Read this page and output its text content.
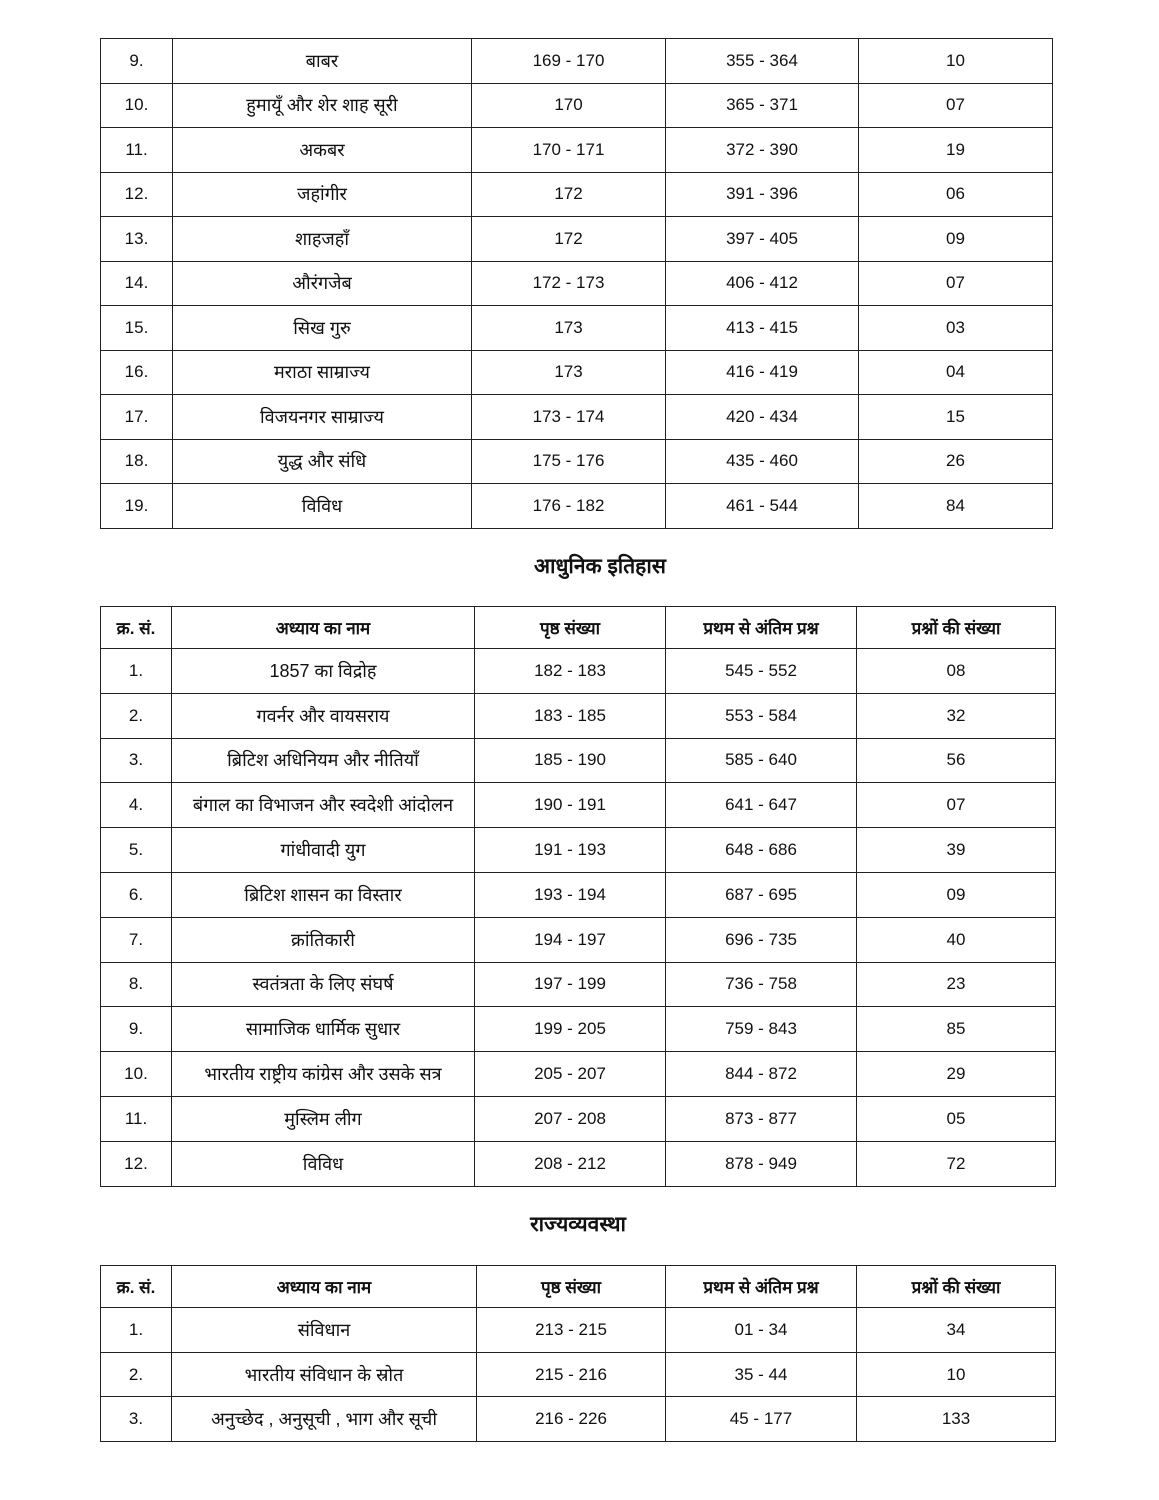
9.	बाबर	169 - 170	355 - 364	10
10.	हुमायूँ और शेर शाह सूरी	170	365 - 371	07
11.	अकबर	170 - 171	372 - 390	19
12.	जहांगीर	172	391 - 396	06
13.	शाहजहाँ	172	397 - 405	09
14.	औरंगजेब	172 - 173	406 - 412	07
15.	सिख गुरु	173	413 - 415	03
16.	मराठा साम्राज्य	173	416 - 419	04
17.	विजयनगर साम्राज्य	173 - 174	420 - 434	15
18.	युद्ध और संधि	175 - 176	435 - 460	26
19.	विविध	176 - 182	461 - 544	84
आधुनिक इतिहास
क्र. सं.	अध्याय का नाम	पृष्ठ संख्या	प्रथम से अंतिम प्रश्न	प्रश्नों की संख्या
1.	1857 का विद्रोह	182 - 183	545 - 552	08
2.	गवर्नर और वायसराय	183 - 185	553 - 584	32
3.	ब्रिटिश अधिनियम और नीतियाँ	185 - 190	585 - 640	56
4.	बंगाल का विभाजन और स्वदेशी आंदोलन	190 - 191	641 - 647	07
5.	गांधीवादी युग	191 - 193	648 - 686	39
6.	ब्रिटिश शासन का विस्तार	193 - 194	687 - 695	09
7.	क्रांतिकारी	194 - 197	696 - 735	40
8.	स्वतंत्रता के लिए संघर्ष	197 - 199	736 - 758	23
9.	सामाजिक धार्मिक सुधार	199 - 205	759 - 843	85
10.	भारतीय राष्ट्रीय कांग्रेस और उसके सत्र	205 - 207	844 - 872	29
11.	मुस्लिम लीग	207 - 208	873 - 877	05
12.	विविध	208 - 212	878 - 949	72
राज्यव्यवस्था
क्र. सं.	अध्याय का नाम	पृष्ठ संख्या	प्रथम से अंतिम प्रश्न	प्रश्नों की संख्या
1.	संविधान	213 - 215	01 - 34	34
2.	भारतीय संविधान के स्रोत	215 - 216	35 - 44	10
3.	अनुच्छेद , अनुसूची , भाग और सूची	216 - 226	45 - 177	133
